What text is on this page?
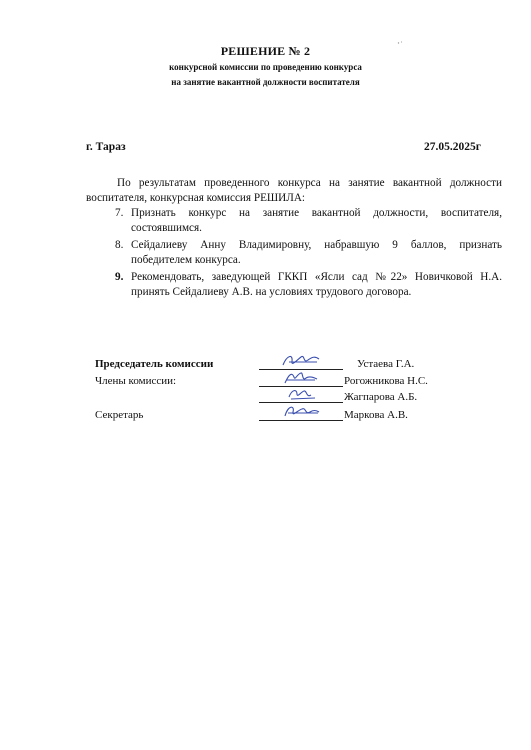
РЕШЕНИЕ № 2
конкурсной комиссии по проведению конкурса
на занятие вакантной должности воспитателя
г. Тараз	27.05.2025г

По результатам проведенного конкурса на занятие вакантной должности воспитателя, конкурсная комиссия РЕШИЛА:

7. Признать конкурс на занятие вакантной должности, воспитателя, состоявшимся.
8. Сейдалиеву Анну Владимировну, набравшую 9 баллов, признать победителем конкурса.
9. Рекомендовать, заведующей ГККП «Ясли сад №22» Новичковой Н.А. принять Сейдалиеву А.В. на условиях трудового договора.
Председатель комиссии	Устаева Г.А.
Члены комиссии:	Рогожникова Н.С.
Жагпарова А.Б.
Секретарь	Маркова А.В.
